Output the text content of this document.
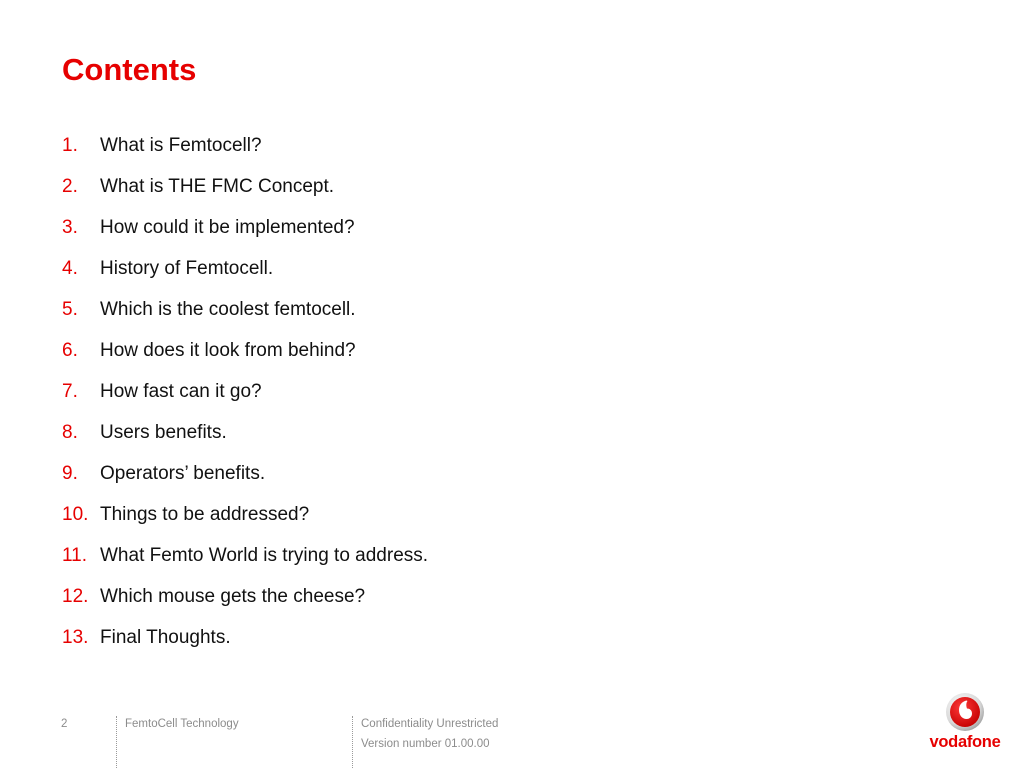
Contents
1. What is Femtocell?
2. What is THE FMC Concept.
3. How could it be implemented?
4. History of Femtocell.
5. Which is the coolest femtocell.
6. How does it look from behind?
7. How fast can it go?
8. Users benefits.
9. Operators’ benefits.
10. Things to be addressed?
11. What Femto World is trying to address.
12. Which mouse gets the cheese?
13. Final Thoughts.
2	FemtoCell Technology	Confidentiality Unrestricted
Version number 01.00.00	vodafone
